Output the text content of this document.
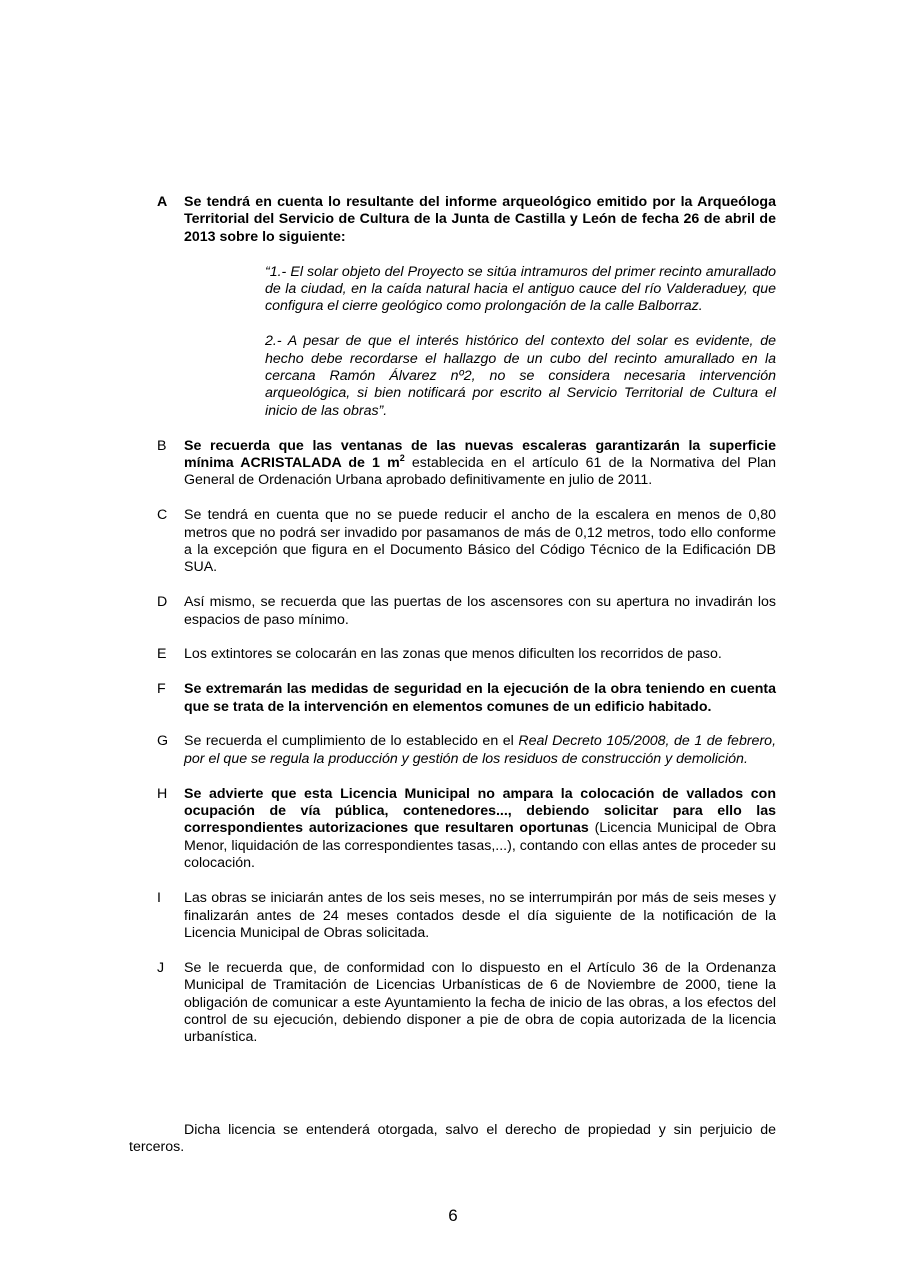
A Se tendrá en cuenta lo resultante del informe arqueológico emitido por la Arqueóloga Territorial del Servicio de Cultura de la Junta de Castilla y León de fecha 26 de abril de 2013 sobre lo siguiente:

“1.- El solar objeto del Proyecto se sitúa intramuros del primer recinto amurallado de la ciudad, en la caída natural hacia el antiguo cauce del río Valderaduey, que configura el cierre geológico como prolongación de la calle Balborraz.

2.- A pesar de que el interés histórico del contexto del solar es evidente, de hecho debe recordarse el hallazgo de un cubo del recinto amurallado en la cercana Ramón Álvarez nº2, no se considera necesaria intervención arqueológica, si bien notificará por escrito al Servicio Territorial de Cultura el inicio de las obras”.

B Se recuerda que las ventanas de las nuevas escaleras garantizarán la superficie mínima ACRISTALADA de 1 $m^2$ establecida en el artículo 61 de la Normativa del Plan General de Ordenación Urbana aprobado definitivamente en julio de 2011.
C Se tendrá en cuenta que no se puede reducir el ancho de la escalera en menos de 0,80 metros que no podrá ser invadido por pasamanos de más de 0,12 metros, todo ello conforme a la excepción que figura en el Documento Básico del Código Técnico de la Edificación DB SUA.
D Así mismo, se recuerda que las puertas de los ascensores con su apertura no invadirán los espacios de paso mínimo.
E Los extintores se colocarán en las zonas que menos dificulten los recorridos de paso.
F Se extremarán las medidas de seguridad en la ejecución de la obra teniendo en cuenta que se trata de la intervención en elementos comunes de un edificio habitado.
G Se recuerda el cumplimiento de lo establecido en el Real Decreto 105/2008, de 1 de febrero, por el que se regula la producción y gestión de los residuos de construcción y demolición.
H Se advierte que esta Licencia Municipal no ampara la colocación de vallados con ocupación de vía pública, contenedores..., debiendo solicitar para ello las correspondientes autorizaciones que resultaren oportunas (Licencia Municipal de Obra Menor, liquidación de las correspondientes tasas,...), contando con ellas antes de proceder su colocación.
I Las obras se iniciarán antes de los seis meses, no se interrumpirán por más de seis meses y finalizarán antes de 24 meses contados desde el día siguiente de la notificación de la Licencia Municipal de Obras solicitada.
J Se le recuerda que, de conformidad con lo dispuesto en el Artículo 36 de la Ordenanza Municipal de Tramitación de Licencias Urbanísticas de 6 de Noviembre de 2000, tiene la obligación de comunicar a este Ayuntamiento la fecha de inicio de las obras, a los efectos del control de su ejecución, debiendo disponer a pie de obra de copia autorizada de la licencia urbanística.
Dicha licencia se entenderá otorgada, salvo el derecho de propiedad y sin perjuicio de terceros.
6
